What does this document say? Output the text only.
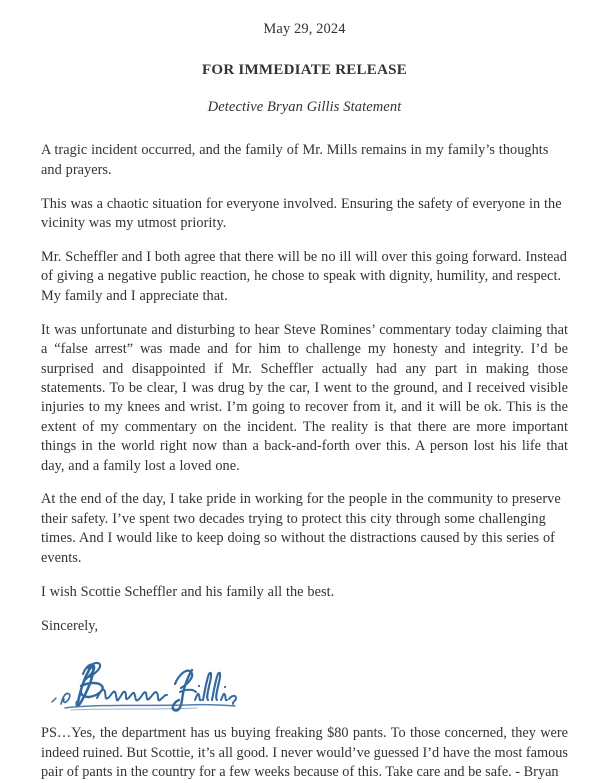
May 29, 2024
FOR IMMEDIATE RELEASE
Detective Bryan Gillis Statement

A tragic incident occurred, and the family of Mr. Mills remains in my family’s thoughts and prayers.

This was a chaotic situation for everyone involved. Ensuring the safety of everyone in the vicinity was my utmost priority.

Mr. Scheffler and I both agree that there will be no ill will over this going forward. Instead of giving a negative public reaction, he chose to speak with dignity, humility, and respect. My family and I appreciate that.

It was unfortunate and disturbing to hear Steve Romines’ commentary today claiming that a “false arrest” was made and for him to challenge my honesty and integrity. I’d be surprised and disappointed if Mr. Scheffler actually had any part in making those statements. To be clear, I was drug by the car, I went to the ground, and I received visible injuries to my knees and wrist. I’m going to recover from it, and it will be ok. This is the extent of my commentary on the incident. The reality is that there are more important things in the world right now than a back-and-forth over this. A person lost his life that day, and a family lost a loved one.

At the end of the day, I take pride in working for the people in the community to preserve their safety. I’ve spent two decades trying to protect this city through some challenging times. And I would like to keep doing so without the distractions caused by this series of events.

I wish Scottie Scheffler and his family all the best.

Sincerely,

PS…Yes, the department has us buying freaking $80 pants. To those concerned, they were indeed ruined. But Scottie, it’s all good. I never would’ve guessed I’d have the most famous pair of pants in the country for a few weeks because of this. Take care and be safe. - Bryan
